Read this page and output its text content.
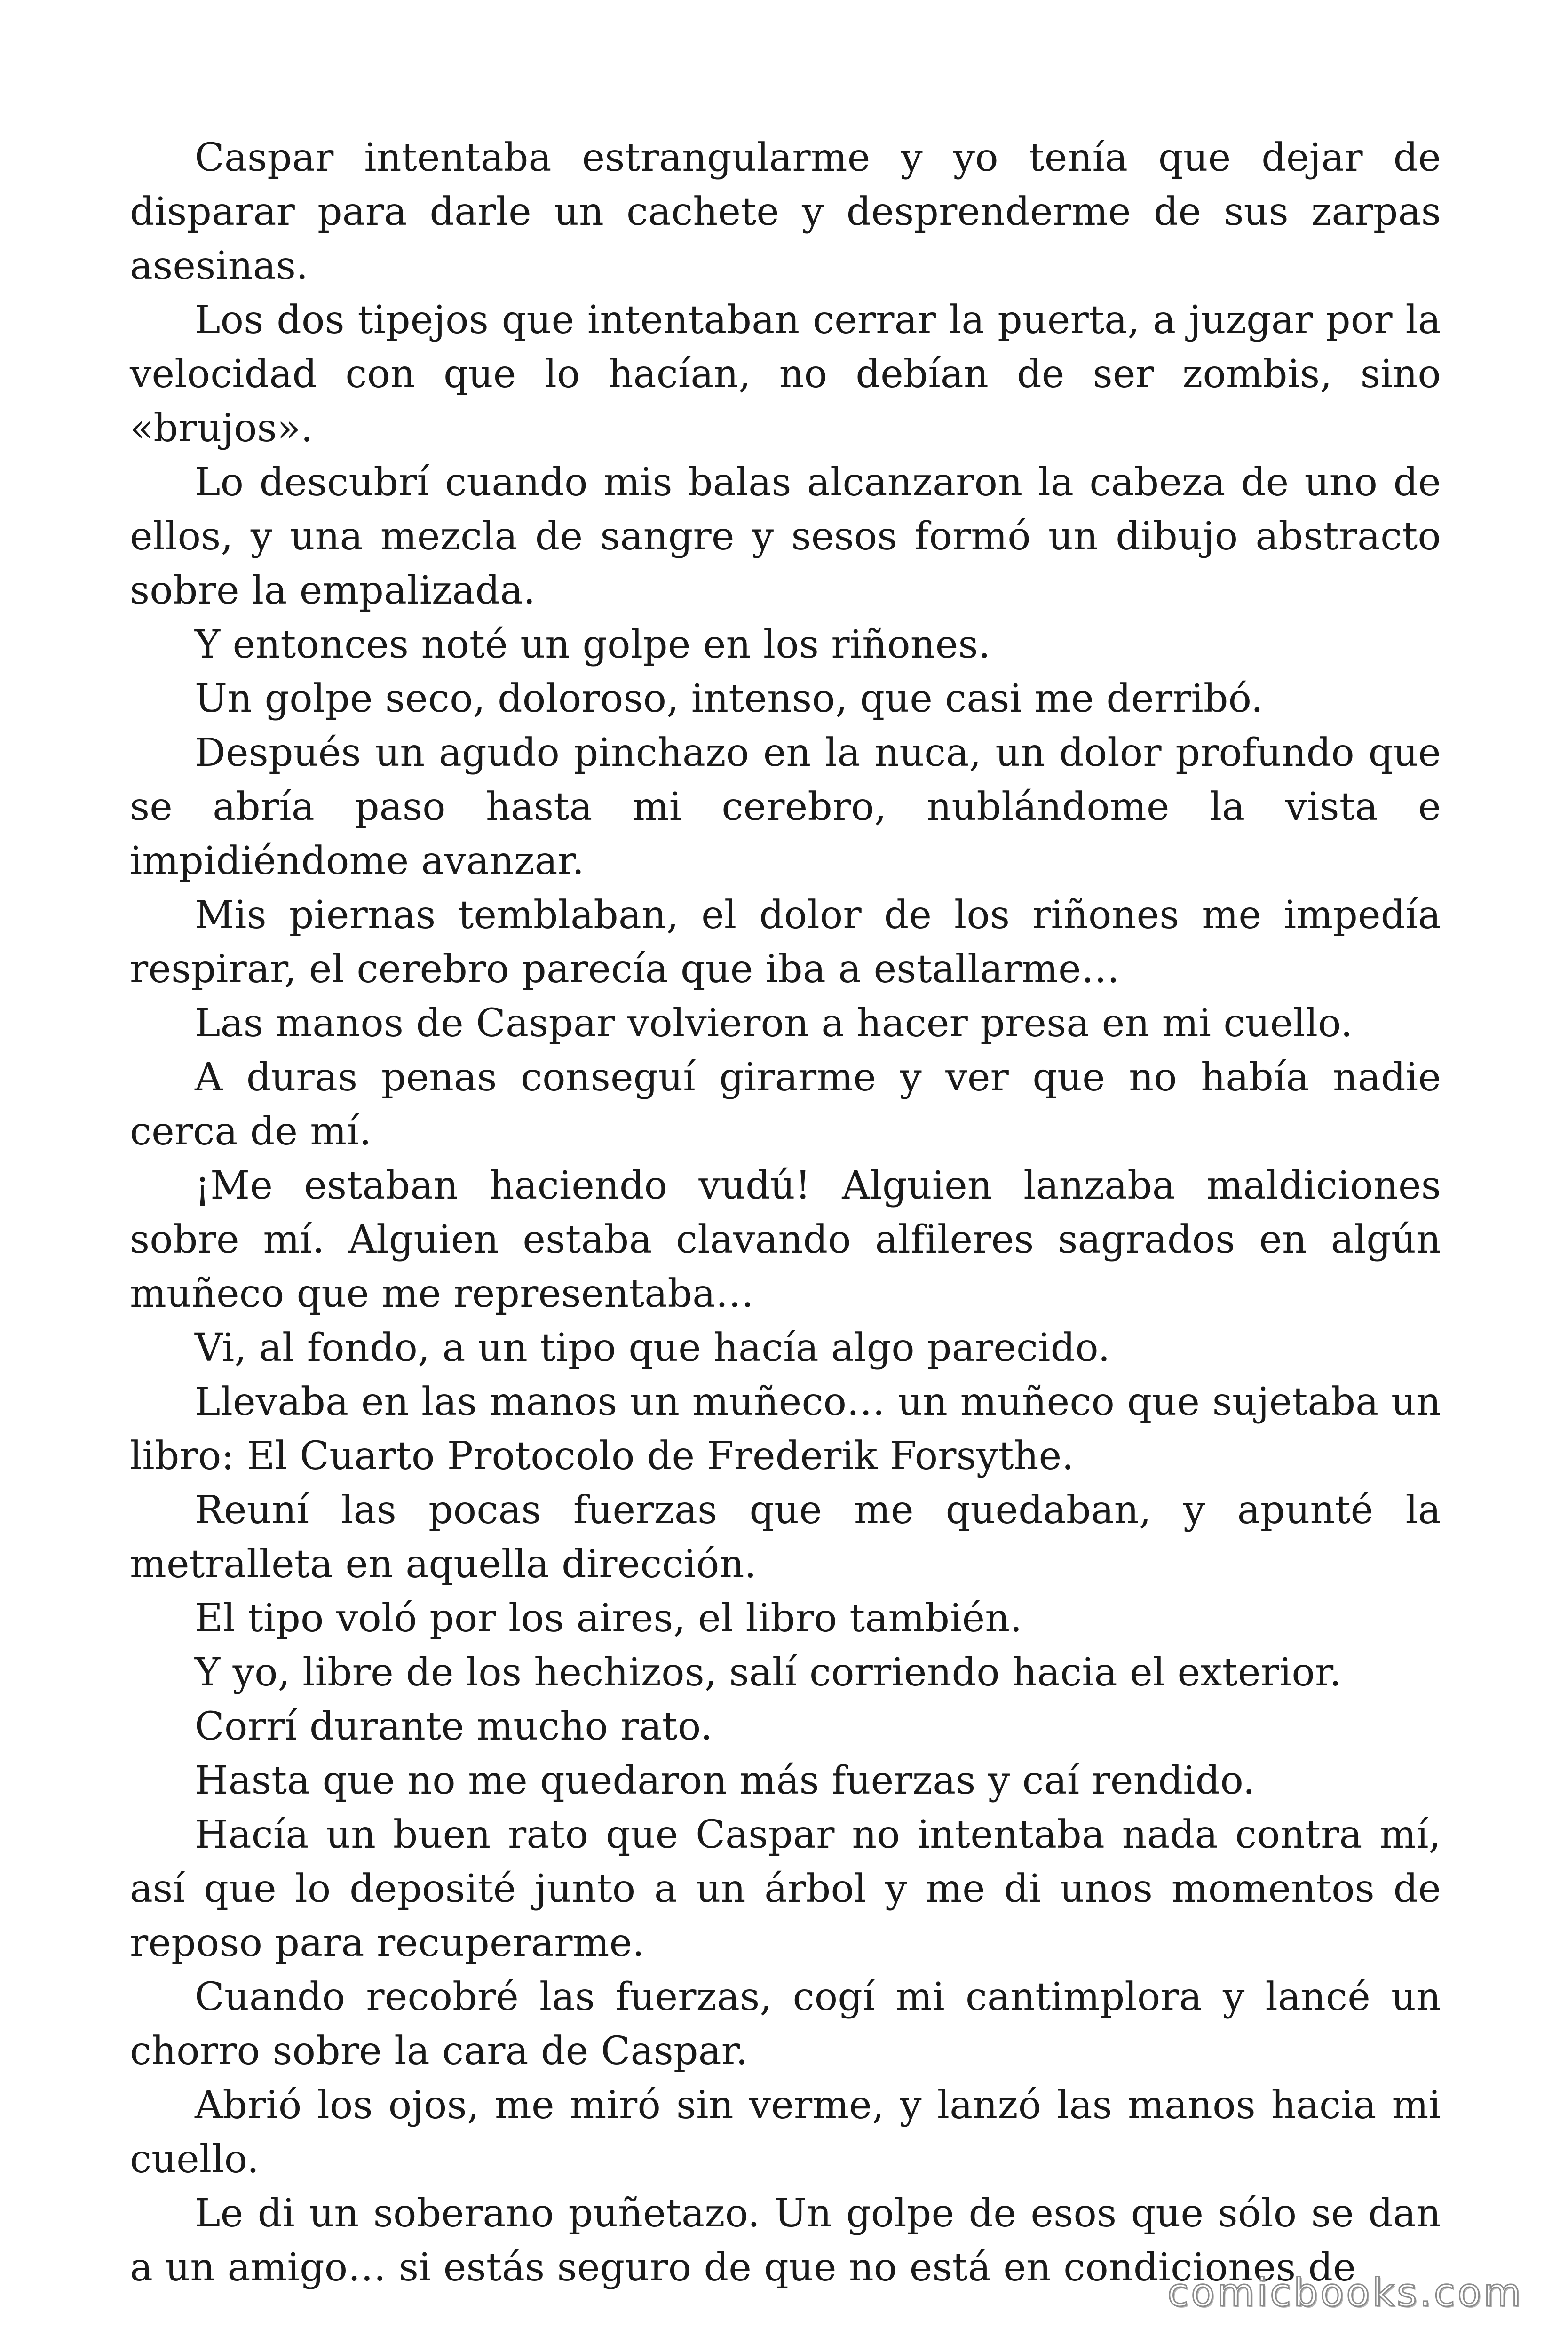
Caspar intentaba estrangularme y yo tenía que dejar de disparar para darle un cachete y desprenderme de sus zarpas asesinas.

Los dos tipejos que intentaban cerrar la puerta, a juzgar por la velocidad con que lo hacían, no debían de ser zombis, sino «brujos».

Lo descubrí cuando mis balas alcanzaron la cabeza de uno de ellos, y una mezcla de sangre y sesos formó un dibujo abstracto sobre la empalizada.

Y entonces noté un golpe en los riñones.

Un golpe seco, doloroso, intenso, que casi me derribó.

Después un agudo pinchazo en la nuca, un dolor profundo que se abría paso hasta mi cerebro, nublándome la vista e impidiéndome avanzar.

Mis piernas temblaban, el dolor de los riñones me impedía respirar, el cerebro parecía que iba a estallarme…

Las manos de Caspar volvieron a hacer presa en mi cuello.

A duras penas conseguí girarme y ver que no había nadie cerca de mí.

¡Me estaban haciendo vudú! Alguien lanzaba maldiciones sobre mí. Alguien estaba clavando alfileres sagrados en algún muñeco que me representaba…

Vi, al fondo, a un tipo que hacía algo parecido.

Llevaba en las manos un muñeco… un muñeco que sujetaba un libro: El Cuarto Protocolo de Frederik Forsythe.

Reuní las pocas fuerzas que me quedaban, y apunté la metralleta en aquella dirección.

El tipo voló por los aires, el libro también.

Y yo, libre de los hechizos, salí corriendo hacia el exterior.

Corrí durante mucho rato.

Hasta que no me quedaron más fuerzas y caí rendido.

Hacía un buen rato que Caspar no intentaba nada contra mí, así que lo deposité junto a un árbol y me di unos momentos de reposo para recuperarme.

Cuando recobré las fuerzas, cogí mi cantimplora y lancé un chorro sobre la cara de Caspar.

Abrió los ojos, me miró sin verme, y lanzó las manos hacia mi cuello.

Le di un soberano puñetazo. Un golpe de esos que sólo se dan a un amigo… si estás seguro de que no está en condiciones de

comicbooks.com
